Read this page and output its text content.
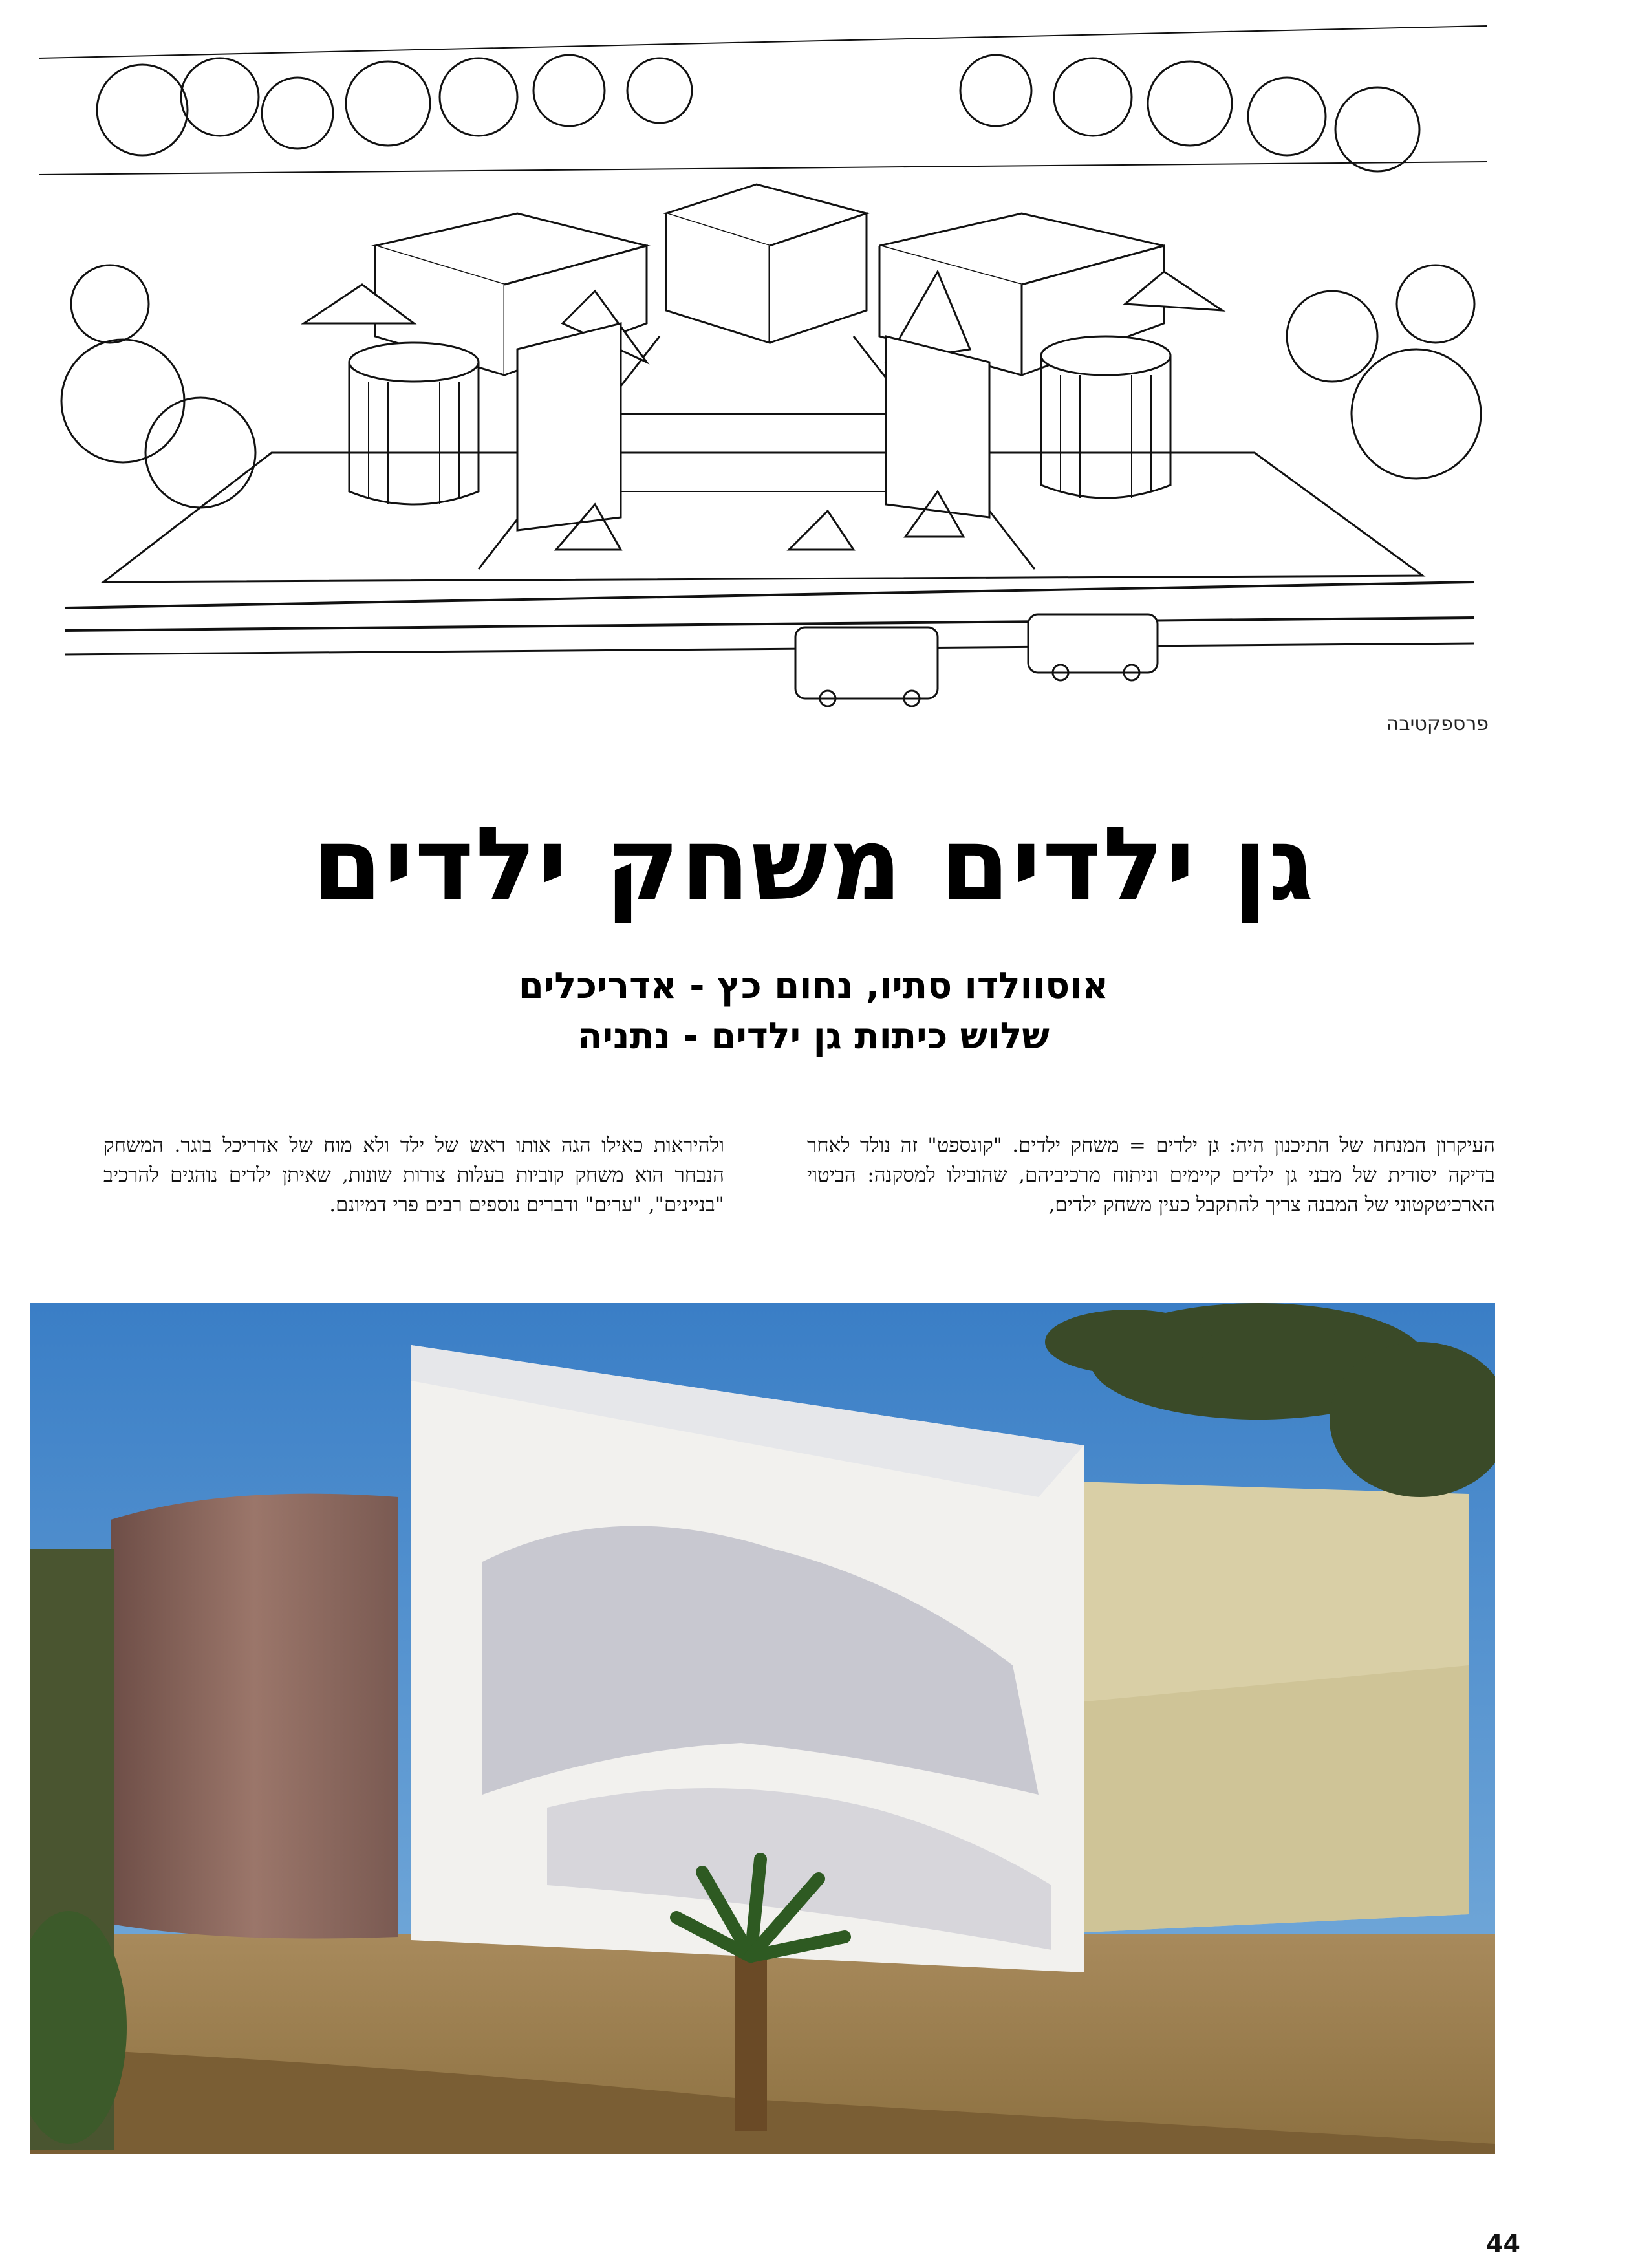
פרספקטיבה
גן ילדים משחק ילדים
אוסוולדו סתיו, נחום כץ - אדריכלים
שלוש כיתות גן ילדים - נתניה

העיקרון המנחה של התיכנון היה: גן ילדים = משחק ילדים. "קונספט" זה נולד לאחר בדיקה יסודית של מבני גן ילדים קיימים וניתוח מרכיביהם, שהובילו למסקנה: הביטוי הארכיטקטוני של המבנה צריך להתקבל כעין משחק ילדים,

ולהיראות כאילו הגה אותו ראש של ילד ולא מוח של אדריכל בוגר. המשחק הנבחר הוא משחק קוביות בעלות צורות שונות, שאיתן ילדים נוהגים להרכיב "בניינים", "ערים" ודברים נוספים רבים פרי דמיונם.

44
